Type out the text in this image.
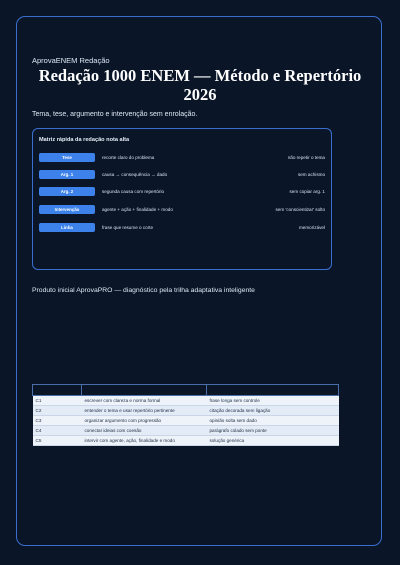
AprovaENEM Redação
Redação 1000 ENEM — Método e Repertório 2026
Tema, tese, argumento e intervenção sem enrolação.
Matriz rápida da redação nota alta
Tese	recorte claro do problema	não repetir o tema
Arg. 1	causa → consequência → dado	sem achismo
Arg. 2	segunda causa com repertório	sem copiar arg. 1
Intervenção	agente + ação + finalidade + modo	sem 'conscientizar' solto
Linha	frase que resume o corte	memorizável
Produto inicial AprovaPRO — diagnóstico pela trilha adaptativa inteligente

C1	escrever com clareza e norma formal	frase longa sem controle
C2	entender o tema e usar repertório pertinente	citação decorada sem ligação
C3	organizar argumento com progressão	opinião solta sem dado
C4	conectar ideias com coesão	parágrafo colado sem ponte
C5	intervir com agente, ação, finalidade e modo	solução genérica
